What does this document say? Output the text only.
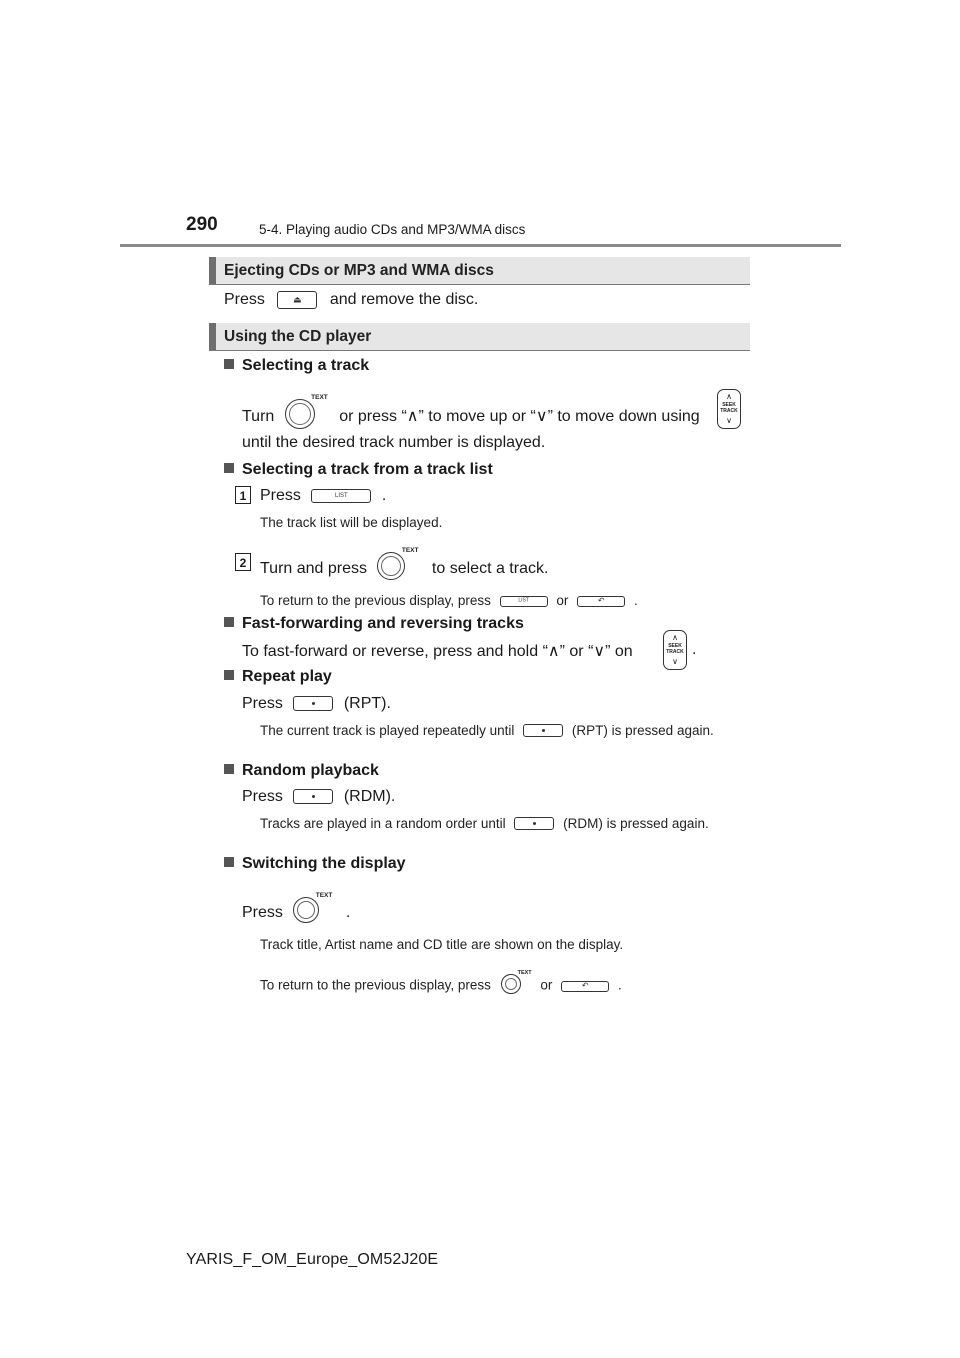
290	5-4. Playing audio CDs and MP3/WMA discs
Ejecting CDs or MP3 and WMA discs
Press	⏏	and remove the disc.
Using the CD player
Selecting a track
Turn
TEXT
or press “∧” to move up or “∨” to move down using
∧
SEEK
TRACK
∨
until the desired track number is displayed.
Selecting a track from a track list
1 Press	LIST	.
The track list will be displayed.
2 Turn and press
TEXT
to select a track.
To return to the previous display, press	LIST	or	↶	.
Fast-forwarding and reversing tracks
To fast-forward or reverse, press and hold “∧” or “∨” on
∧
SEEK
TRACK
∨
.
Repeat play
Press	(RPT).
The current track is played repeatedly until	(RPT) is pressed again.
Random playback
Press	(RDM).
Tracks are played in a random order until	(RDM) is pressed again.
Switching the display
Press
TEXT
.
Track title, Artist name and CD title are shown on the display.
To return to the previous display, press
TEXT
or	↶	.
YARIS_F_OM_Europe_OM52J20E
